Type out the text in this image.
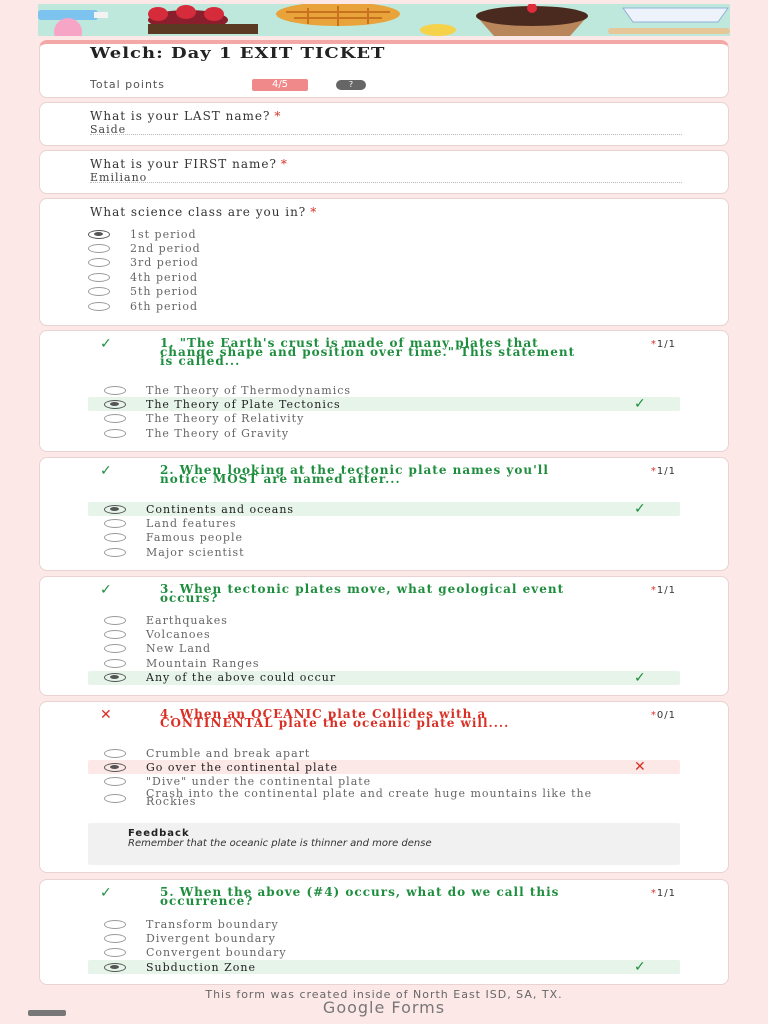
Welch: Day 1 EXIT TICKET
Total points	4/5	?
What is your LAST name? *
Saide
What is your FIRST name? *
Emiliano
What science class are you in? *
1st period
2nd period
3rd period
4th period
5th period
6th period
✓	1. "The Earth's crust is made of many plates that change shape and position over time." This statement is called...
*1/1
The Theory of Thermodynamics
✓
The Theory of Plate Tectonics
The Theory of Relativity
The Theory of Gravity
✓	2. When looking at the tectonic plate names you'll notice MOST are named after...
*1/1
✓
Continents and oceans
Land features
Famous people
Major scientist
✓	3. When tectonic plates move, what geological event occurs?
*1/1
Earthquakes
Volcanoes
New Land
Mountain Ranges
✓
Any of the above could occur
✕	4. When an OCEANIC plate Collides with a CONTINENTAL plate the oceanic plate will....
*0/1
Crumble and break apart
✕
Go over the continental plate
"Dive" under the continental plate
Crash into the continental plate and create huge mountains like the Rockies
Feedback
Remember that the oceanic plate is thinner and more dense
✓	5. When the above (#4) occurs, what do we call this occurrence?
*1/1
Transform boundary
Divergent boundary
Convergent boundary
✓
Subduction Zone
This form was created inside of North East ISD, SA, TX.
Google Forms
